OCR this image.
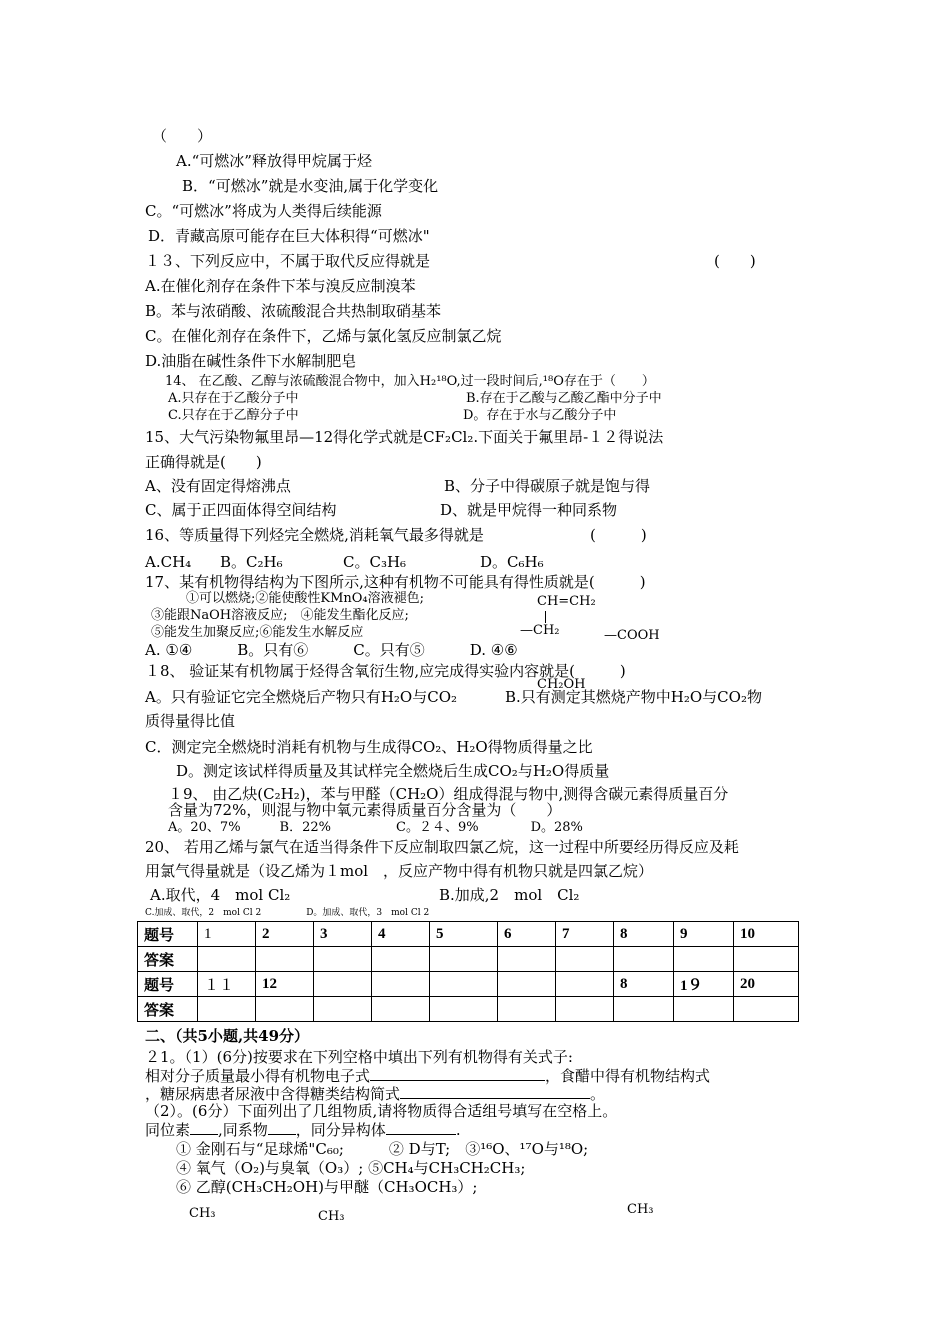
（　　）
A.“可燃冰”释放得甲烷属于烃
B．“可燃冰”就是水变油,属于化学变化
C。“可燃冰”将成为人类得后续能源
D．青藏高原可能存在巨大体积得“可燃冰"
１３、下列反应中，不属于取代反应得就是	(　　)
A.在催化剂存在条件下苯与溴反应制溴苯
B。苯与浓硝酸、浓硫酸混合共热制取硝基苯
C。在催化剂存在条件下，乙烯与氯化氢反应制氯乙烷
D.油脂在碱性条件下水解制肥皂
14、 在乙酸、乙醇与浓硫酸混合物中，加入H₂¹⁸O,过一段时间后,¹⁸O存在于（　　）
A.只存在于乙酸分子中	B.存在于乙酸与乙酸乙酯中分子中
C.只存在于乙醇分子中	D。存在于水与乙酸分子中
15、大气污染物氟里昂—12得化学式就是CF₂Cl₂.下面关于氟里昂-１２得说法
正确得就是(　　)
A、没有固定得熔沸点	B、分子中得碳原子就是饱与得
C、属于正四面体得空间结构	D、就是甲烷得一种同系物
16、等质量得下列烃完全燃烧,消耗氧气最多得就是	(　　　)
A.CH₄ B。C₂H₆	C。C₃H₆	D。C₆H₆
17、某有机物得结构为下图所示,这种有机物不可能具有得性质就是(　　　)
①可以燃烧;②能使酸性KMnO₄溶液褪色;
③能跟NaOH溶液反应;　④能发生酯化反应;
⑤能发生加聚反应;⑥能发生水解反应
A. ①④　　　B。只有⑥　　　C。只有⑤　　　D. ④⑥
CH=CH₂
—CH₂	—COOH
CH₂OH
１8、 验证某有机物属于烃得含氧衍生物,应完成得实验内容就是(　　　)
A。只有验证它完全燃烧后产物只有H₂O与CO₂	B.只有测定其燃烧产物中H₂O与CO₂物
质得量得比值
C．测定完全燃烧时消耗有机物与生成得CO₂、H₂O得物质得量之比
D。测定该试样得质量及其试样完全燃烧后生成CO₂与H₂O得质量
１9、 由乙炔(C₂H₂)，苯与甲醛（CH₂O）组成得混与物中,测得含碳元素得质量百分
含量为72%，则混与物中氧元素得质量百分含量为（　　）
A。20、7%　　　B．22%　　　　　C。２４、9%　　　　D。28%
20、 若用乙烯与氯气在适当得条件下反应制取四氯乙烷，这一过程中所要经历得反应及耗
用氯气得量就是（设乙烯为１mol　，反应产物中得有机物只就是四氯乙烷）
A.取代，4　mol Cl₂	B.加成,2　mol　Cl₂
C.加成、取代，2　mol Cl 2　　　　　D。加成、取代，3　mol Cl 2
题号	1	2	3	4	5	6	7	8	9	10
答案										
题号	１１	12						8	1９	20
答案										
二、（共5小题,共49分）
２1。（1）(6分)按要求在下列空格中填出下列有机物得有关式子:
相对分子质量最小得有机物电子式	，食醋中得有机物结构式
，糖尿病患者尿液中含得糖类结构简式	。
（2）。(6分）下面列出了几组物质,请将物质得合适组号填写在空格上。
同位素 ,同系物 ，同分异构体	.
① 金刚石与“足球烯"C₆₀;　　　② D与T;　③¹⁶O、¹⁷O与¹⁸O;
④ 氧气（O₂)与臭氧（O₃）; ⑤CH₄与CH₃CH₂CH₃;
⑥ 乙醇(CH₃CH₂OH)与甲醚（CH₃OCH₃）;
CH₃	CH₃	CH₃
